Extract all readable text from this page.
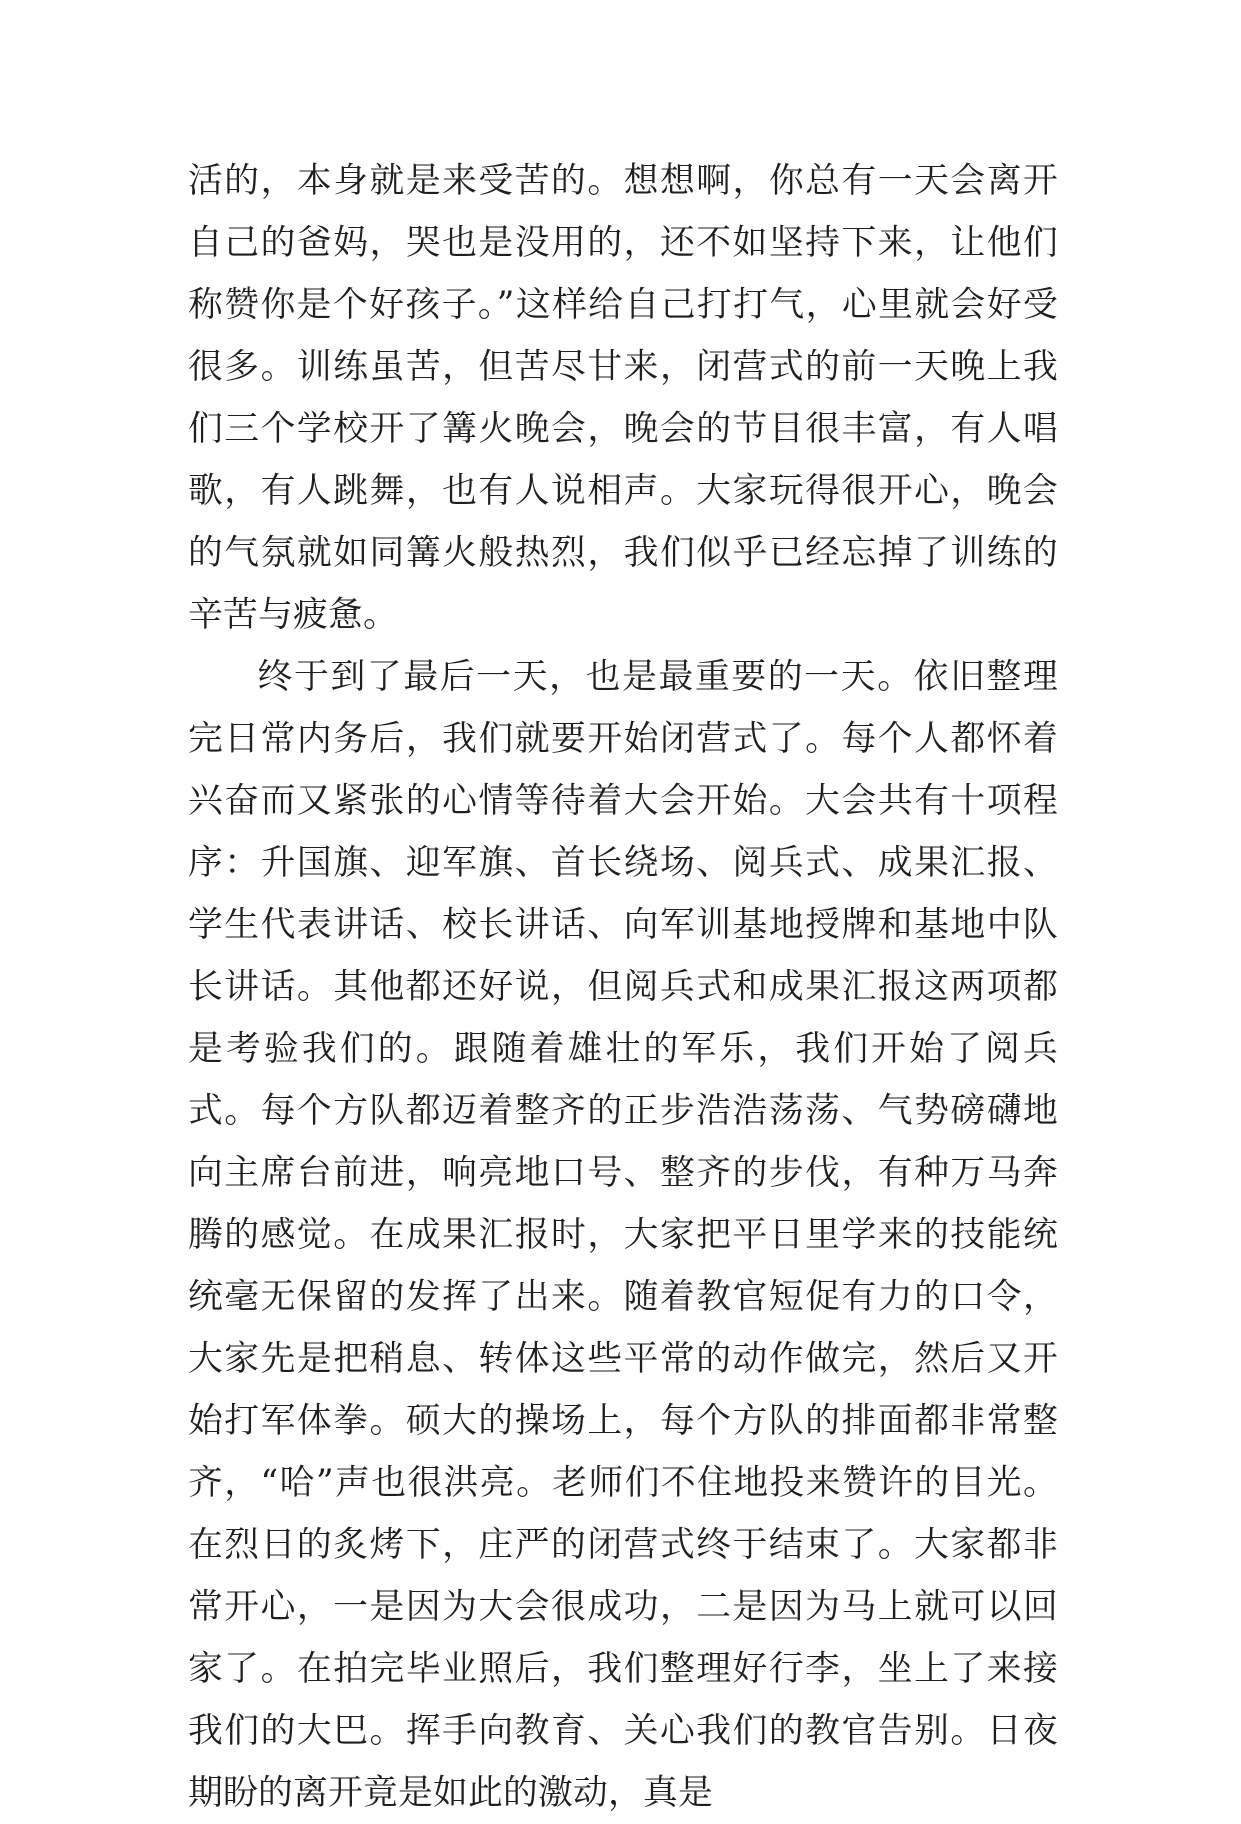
活的，本身就是来受苦的。想想啊，你总有一天会离开自己的爸妈，哭也是没用的，还不如坚持下来，让他们称赞你是个好孩子。”这样给自己打打气，心里就会好受很多。训练虽苦，但苦尽甘来，闭营式的前一天晚上我们三个学校开了篝火晚会，晚会的节目很丰富，有人唱歌，有人跳舞，也有人说相声。大家玩得很开心，晚会的气氛就如同篝火般热烈，我们似乎已经忘掉了训练的辛苦与疲惫。

终于到了最后一天，也是最重要的一天。依旧整理完日常内务后，我们就要开始闭营式了。每个人都怀着兴奋而又紧张的心情等待着大会开始。大会共有十项程序：升国旗、迎军旗、首长绕场、阅兵式、成果汇报、学生代表讲话、校长讲话、向军训基地授牌和基地中队长讲话。其他都还好说，但阅兵式和成果汇报这两项都是考验我们的。跟随着雄壮的军乐，我们开始了阅兵式。每个方队都迈着整齐的正步浩浩荡荡、气势磅礴地向主席台前进，响亮地口号、整齐的步伐，有种万马奔腾的感觉。在成果汇报时，大家把平日里学来的技能统统毫无保留的发挥了出来。随着教官短促有力的口令，大家先是把稍息、转体这些平常的动作做完，然后又开始打军体拳。硕大的操场上，每个方队的排面都非常整齐，“哈”声也很洪亮。老师们不住地投来赞许的目光。在烈日的炙烤下，庄严的闭营式终于结束了。大家都非常开心，一是因为大会很成功，二是因为马上就可以回家了。在拍完毕业照后，我们整理好行李，坐上了来接我们的大巴。挥手向教育、关心我们的教官告别。日夜期盼的离开竟是如此的激动，真是
